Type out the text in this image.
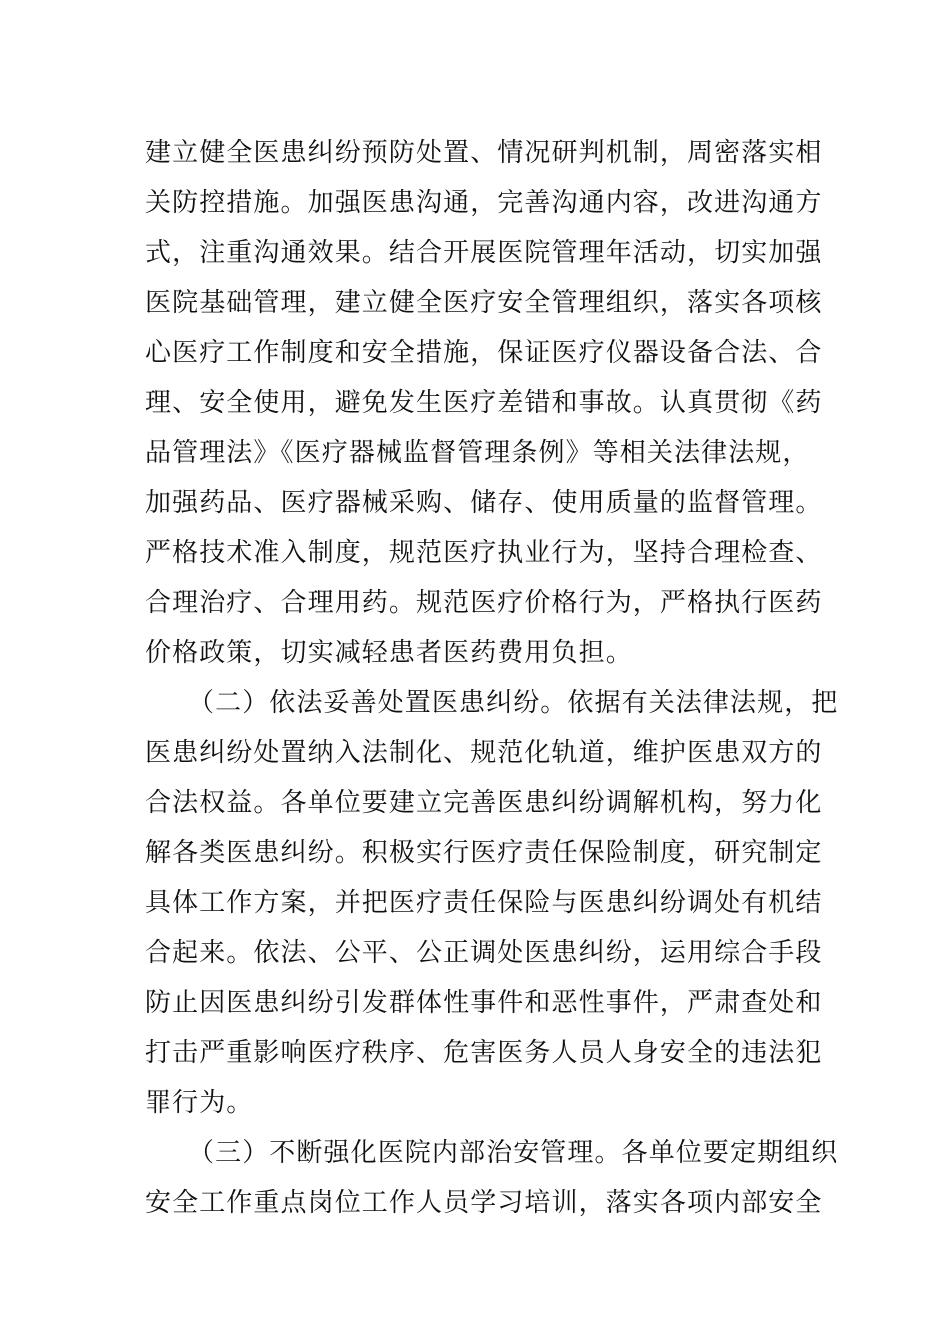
建立健全医患纠纷预防处置、情况研判机制，周密落实相
关防控措施。加强医患沟通，完善沟通内容，改进沟通方
式，注重沟通效果。结合开展医院管理年活动，切实加强
医院基础管理，建立健全医疗安全管理组织，落实各项核
心医疗工作制度和安全措施，保证医疗仪器设备合法、合
理、安全使用，避免发生医疗差错和事故。认真贯彻《药
品管理法》《医疗器械监督管理条例》等相关法律法规，
加强药品、医疗器械采购、储存、使用质量的监督管理。
严格技术准入制度，规范医疗执业行为，坚持合理检查、
合理治疗、合理用药。规范医疗价格行为，严格执行医药
价格政策，切实减轻患者医药费用负担。
（二）依法妥善处置医患纠纷。依据有关法律法规，把
医患纠纷处置纳入法制化、规范化轨道，维护医患双方的
合法权益。各单位要建立完善医患纠纷调解机构，努力化
解各类医患纠纷。积极实行医疗责任保险制度，研究制定
具体工作方案，并把医疗责任保险与医患纠纷调处有机结
合起来。依法、公平、公正调处医患纠纷，运用综合手段
防止因医患纠纷引发群体性事件和恶性事件，严肃查处和
打击严重影响医疗秩序、危害医务人员人身安全的违法犯
罪行为。
（三）不断强化医院内部治安管理。各单位要定期组织
安全工作重点岗位工作人员学习培训，落实各项内部安全
